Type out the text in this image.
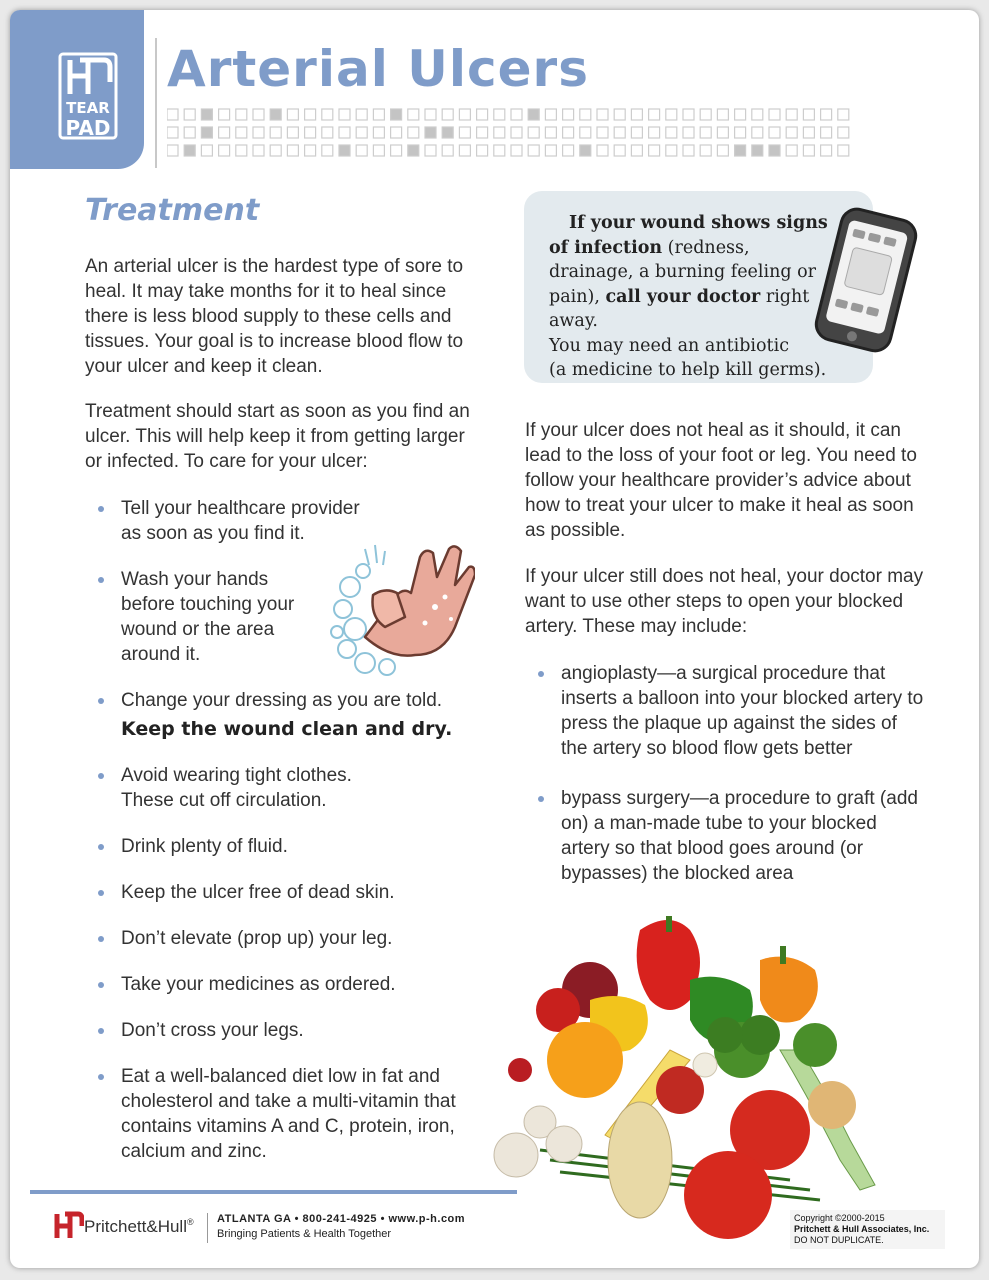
TEAR
PAD
Arterial Ulcers
Treatment

An arterial ulcer is the hardest type of sore to heal. It may take months for it to heal since there is less blood supply to these cells and tissues. Your goal is to increase blood flow to your ulcer and keep it clean.

Treatment should start as soon as you find an ulcer. This will help keep it from getting larger or infected. To care for your ulcer:

Tell your healthcare provider as soon as you find it.
Wash your hands before touching your wound or the area around it.
Change your dressing as you are told.
Keep the wound clean and dry.
Avoid wearing tight clothes. These cut off circulation.
Drink plenty of fluid.
Keep the ulcer free of dead skin.
Don’t elevate (prop up) your leg.
Take your medicines as ordered.
Don’t cross your legs.
Eat a well-balanced diet low in fat and cholesterol and take a multi-vitamin that contains vitamins A and C, protein, iron, calcium and zinc.

If your wound shows signs of infection (redness, drainage, a burning feeling or pain), call your doctor right away.
You may need an antibiotic
(a medicine to help kill germs).

If your ulcer does not heal as it should, it can lead to the loss of your foot or leg. You need to follow your healthcare provider’s advice about how to treat your ulcer to make it heal as soon as possible.

If your ulcer still does not heal, your doctor may want to use other steps to open your blocked artery. These may include:

angioplasty—a surgical procedure that inserts a balloon into your blocked artery to press the plaque up against the sides of the artery so blood flow gets better
bypass surgery—a procedure to graft (add on) a man-made tube to your blocked artery so that blood goes around (or bypasses) the blocked area
Pritchett&Hull® ATLANTA GA • 800-241-4925 • www.p-h.com
Bringing Patients & Health Together
Copyright ©2000-2015
Pritchett & Hull Associates, Inc.
DO NOT DUPLICATE.
